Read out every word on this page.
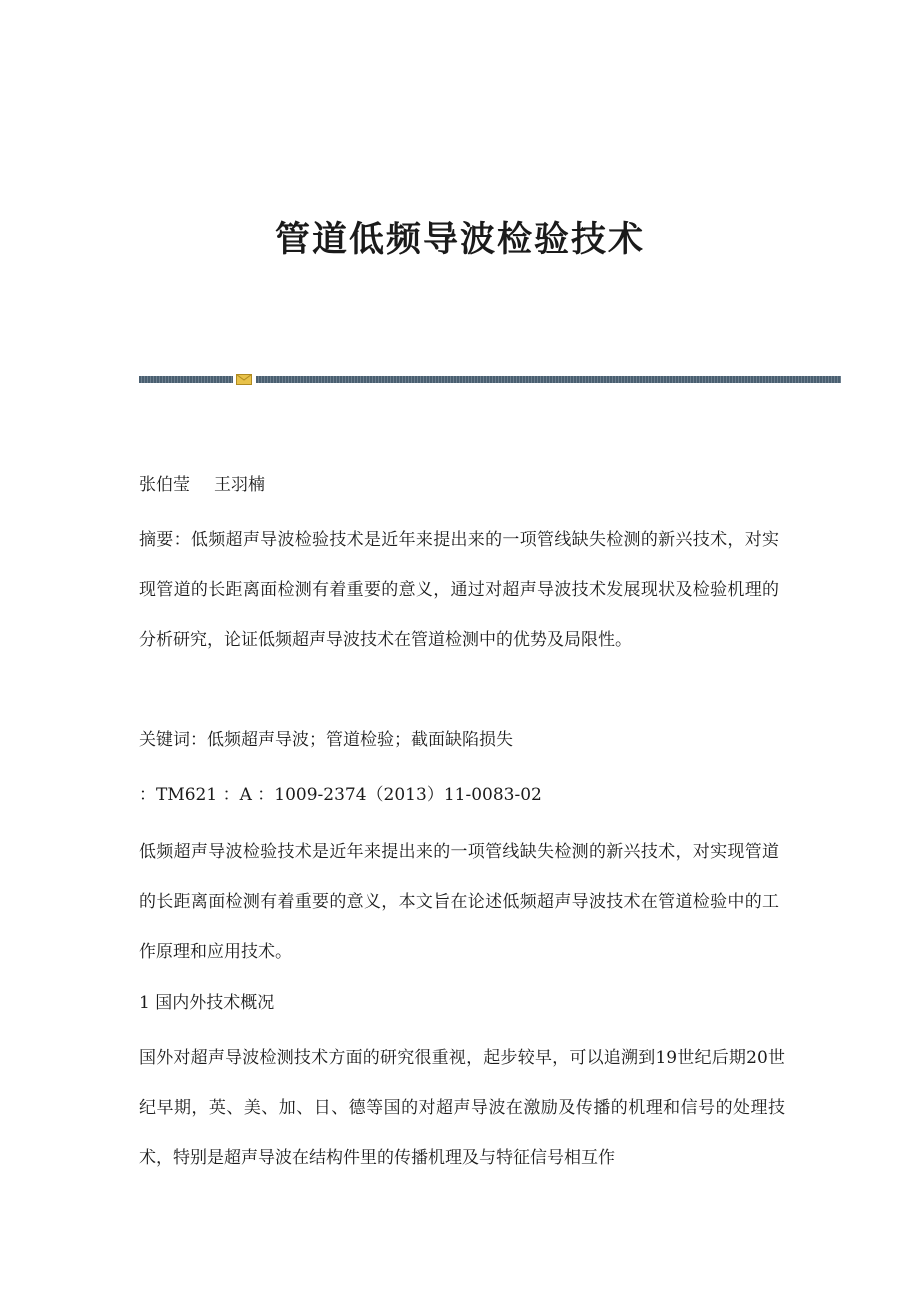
管道低频导波检验技术

张伯莹 王羽楠

摘要：低频超声导波检验技术是近年来提出来的一项管线缺失检测的新兴技术，对实现管道的长距离面检测有着重要的意义，通过对超声导波技术发展现状及检验机理的分析研究，论证低频超声导波技术在管道检测中的优势及局限性。

关键词：低频超声导波；管道检验；截面缺陷损失

：TM621 ：A ：1009-2374（2013）11-0083-02

低频超声导波检验技术是近年来提出来的一项管线缺失检测的新兴技术，对实现管道的长距离面检测有着重要的意义，本文旨在论述低频超声导波技术在管道检验中的工作原理和应用技术。

1 国内外技术概况

国外对超声导波检测技术方面的研究很重视，起步较早，可以追溯到19世纪后期20世纪早期，英、美、加、日、德等国的对超声导波在激励及传播的机理和信号的处理技术，特别是超声导波在结构件里的传播机理及与特征信号相互作
